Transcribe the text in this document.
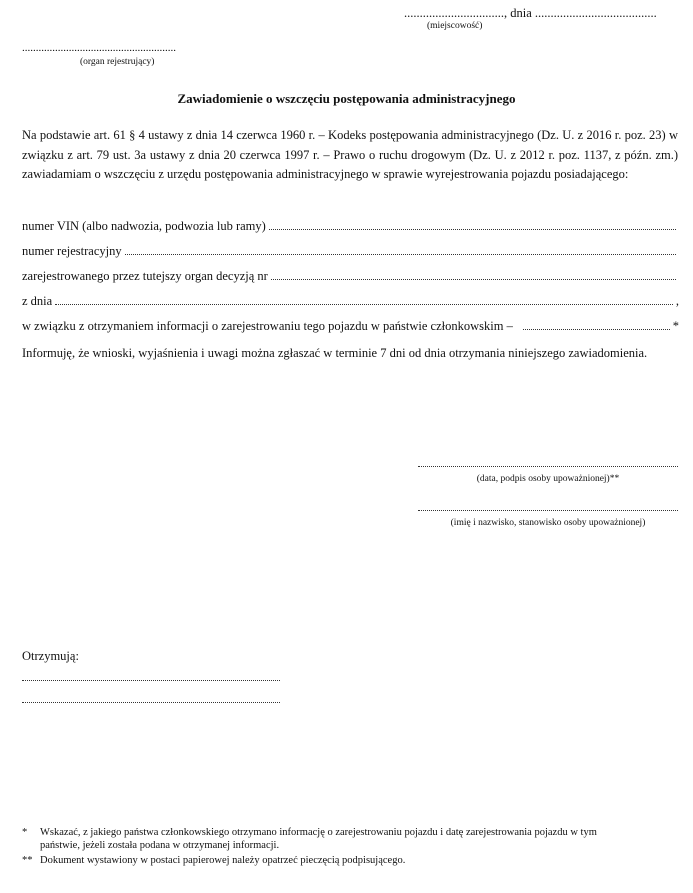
................................, dnia .......................................
(miejscowość)
........................................................
(organ rejestrujący)
Zawiadomienie o wszczęciu postępowania administracyjnego
Na podstawie art. 61 § 4 ustawy z dnia 14 czerwca 1960 r. – Kodeks postępowania administracyjnego (Dz. U. z 2016 r. poz. 23) w związku z art. 79 ust. 3a ustawy z dnia 20 czerwca 1997 r. – Prawo o ruchu drogowym (Dz. U. z 2012 r. poz. 1137, z późn. zm.) zawiadamiam o wszczęciu z urzędu postępowania administracyjnego w sprawie wyrejestrowania pojazdu posiadającego:
numer VIN (albo nadwozia, podwozia lub ramy)
numer rejestracyjny
zarejestrowanego przez tutejszy organ decyzją nr
z dnia	,
w związku z otrzymaniem informacji o zarejestrowaniu tego pojazdu w państwie członkowskim –	*
Informuję, że wnioski, wyjaśnienia i uwagi można zgłaszać w terminie 7 dni od dnia otrzymania niniejszego zawiadomienia.
(data, podpis osoby upoważnionej)**
(imię i nazwisko, stanowisko osoby upoważnionej)
Otrzymują:
* Wskazać, z jakiego państwa członkowskiego otrzymano informację o zarejestrowaniu pojazdu i datę zarejestrowania pojazdu w tym
państwie, jeżeli została podana w otrzymanej informacji.
** Dokument wystawiony w postaci papierowej należy opatrzeć pieczęcią podpisującego.
